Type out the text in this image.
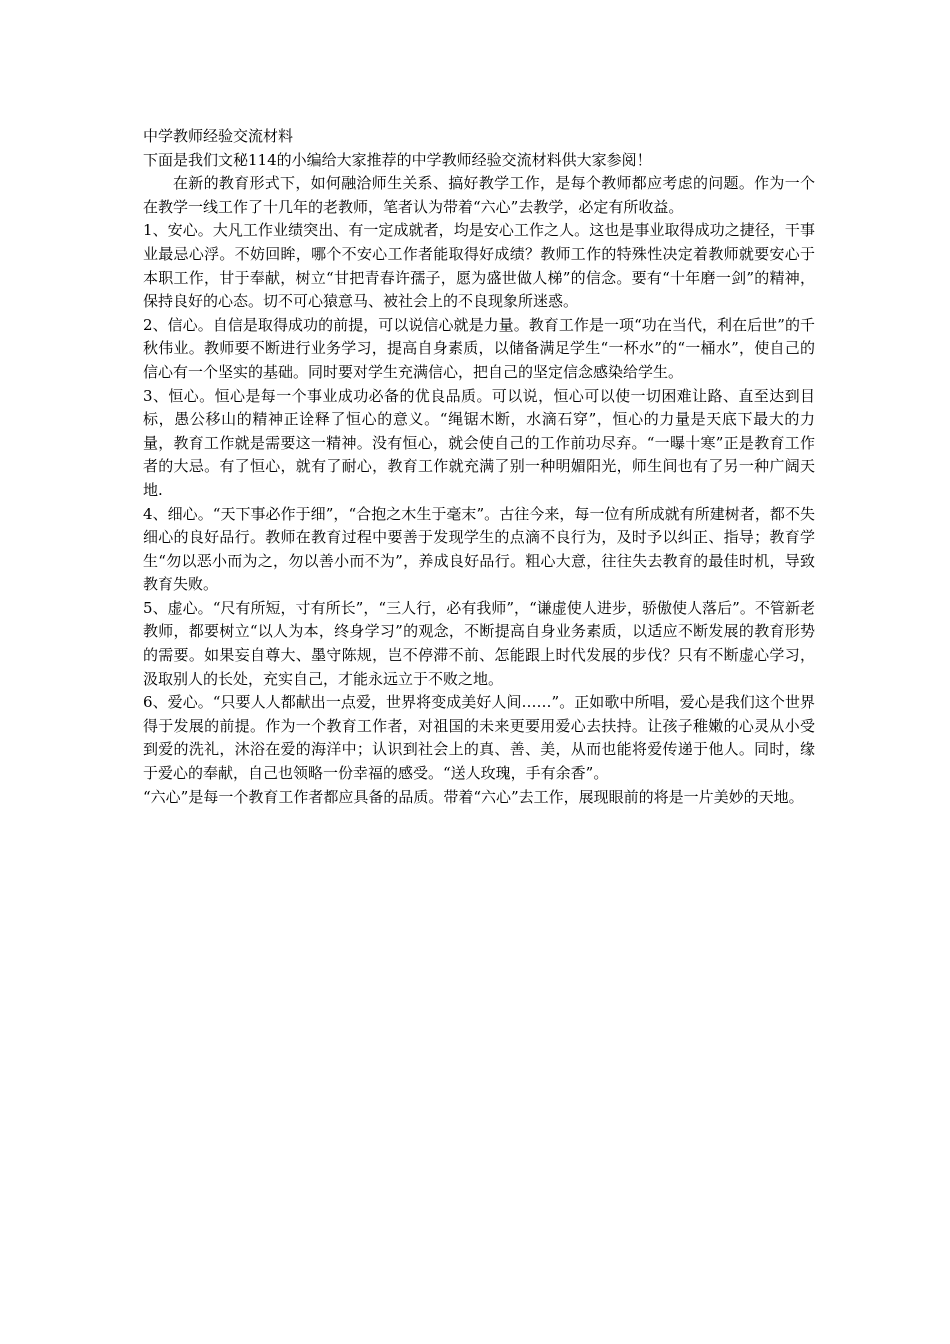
中学教师经验交流材料

下面是我们文秘114的小编给大家推荐的中学教师经验交流材料供大家参阅！

在新的教育形式下，如何融洽师生关系、搞好教学工作，是每个教师都应考虑的问题。作为一个在教学一线工作了十几年的老教师，笔者认为带着“六心”去教学，必定有所收益。

1、安心。大凡工作业绩突出、有一定成就者，均是安心工作之人。这也是事业取得成功之捷径，干事业最忌心浮。不妨回眸，哪个不安心工作者能取得好成绩？教师工作的特殊性决定着教师就要安心于本职工作，甘于奉献，树立“甘把青春许孺子，愿为盛世做人梯”的信念。要有“十年磨一剑”的精神，保持良好的心态。切不可心猿意马、被社会上的不良现象所迷惑。

2、信心。自信是取得成功的前提，可以说信心就是力量。教育工作是一项“功在当代，利在后世”的千秋伟业。教师要不断进行业务学习，提高自身素质，以储备满足学生“一杯水”的“一桶水”，使自己的信心有一个坚实的基础。同时要对学生充满信心，把自己的坚定信念感染给学生。

3、恒心。恒心是每一个事业成功必备的优良品质。可以说，恒心可以使一切困难让路、直至达到目标，愚公移山的精神正诠释了恒心的意义。“绳锯木断，水滴石穿”，恒心的力量是天底下最大的力量，教育工作就是需要这一精神。没有恒心，就会使自己的工作前功尽弃。“一曝十寒”正是教育工作者的大忌。有了恒心，就有了耐心，教育工作就充满了别一种明媚阳光，师生间也有了另一种广阔天地.

4、细心。“天下事必作于细”，“合抱之木生于毫末”。古往今来，每一位有所成就有所建树者，都不失细心的良好品行。教师在教育过程中要善于发现学生的点滴不良行为，及时予以纠正、指导；教育学生“勿以恶小而为之，勿以善小而不为”，养成良好品行。粗心大意，往往失去教育的最佳时机，导致教育失败。

5、虚心。“尺有所短，寸有所长”，“三人行，必有我师”，“谦虚使人进步，骄傲使人落后”。不管新老教师，都要树立“以人为本，终身学习”的观念，不断提高自身业务素质，以适应不断发展的教育形势的需要。如果妄自尊大、墨守陈规，岂不停滞不前、怎能跟上时代发展的步伐？只有不断虚心学习，汲取别人的长处，充实自己，才能永远立于不败之地。

6、爱心。“只要人人都献出一点爱，世界将变成美好人间……”。正如歌中所唱，爱心是我们这个世界得于发展的前提。作为一个教育工作者，对祖国的未来更要用爱心去扶持。让孩子稚嫩的心灵从小受到爱的洗礼，沐浴在爱的海洋中；认识到社会上的真、善、美，从而也能将爱传递于他人。同时，缘于爱心的奉献，自己也领略一份幸福的感受。“送人玫瑰，手有余香”。

“六心”是每一个教育工作者都应具备的品质。带着“六心”去工作，展现眼前的将是一片美妙的天地。
